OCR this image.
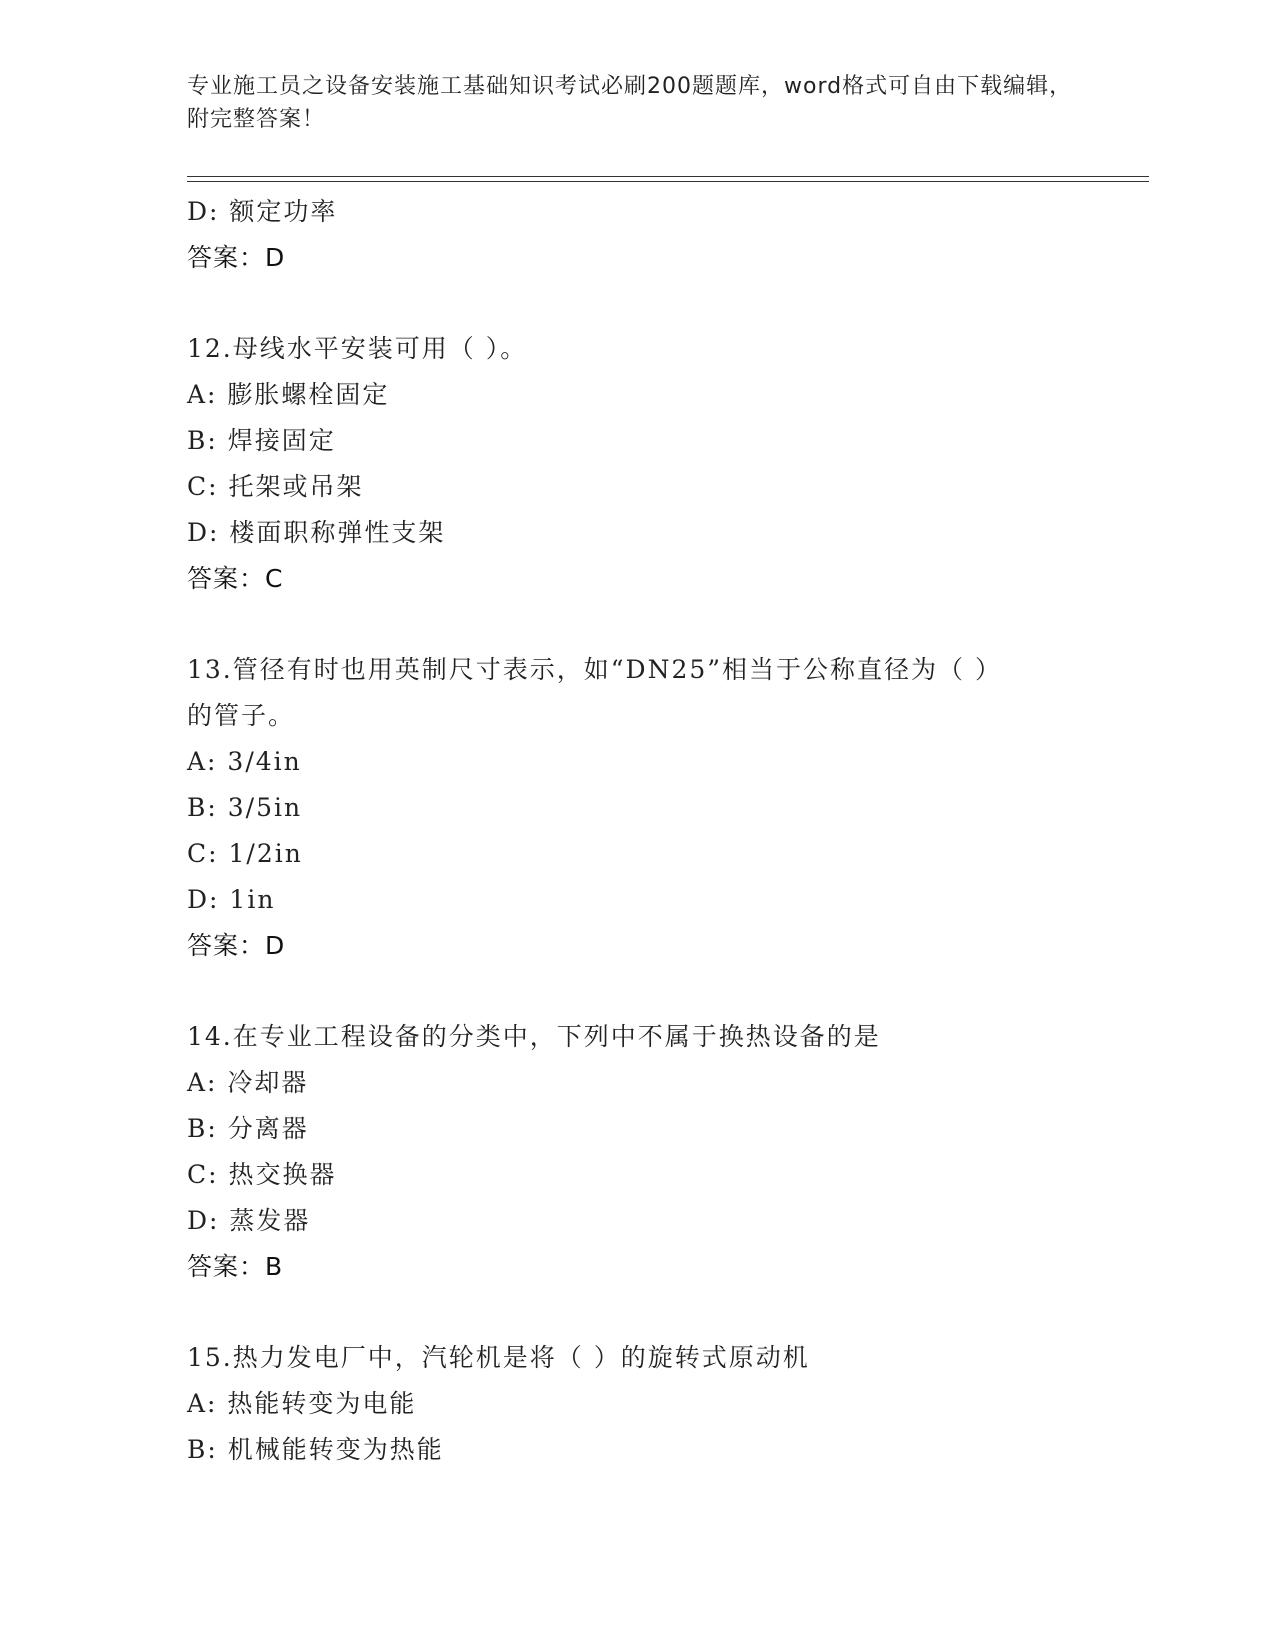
专业施工员之设备安装施工基础知识考试必刷200题题库，word格式可自由下载编辑，附完整答案！
D: 额定功率
答案：D
12.母线水平安装可用（ ）。
A: 膨胀螺栓固定
B: 焊接固定
C: 托架或吊架
D: 楼面职称弹性支架
答案：C
13.管径有时也用英制尺寸表示，如“DN25”相当于公称直径为（ ）的管子。
A: 3/4in
B: 3/5in
C: 1/2in
D: 1in
答案：D
14.在专业工程设备的分类中，下列中不属于换热设备的是
A: 冷却器
B: 分离器
C: 热交换器
D: 蒸发器
答案：B
15.热力发电厂中，汽轮机是将（ ）的旋转式原动机
A: 热能转变为电能
B: 机械能转变为热能
